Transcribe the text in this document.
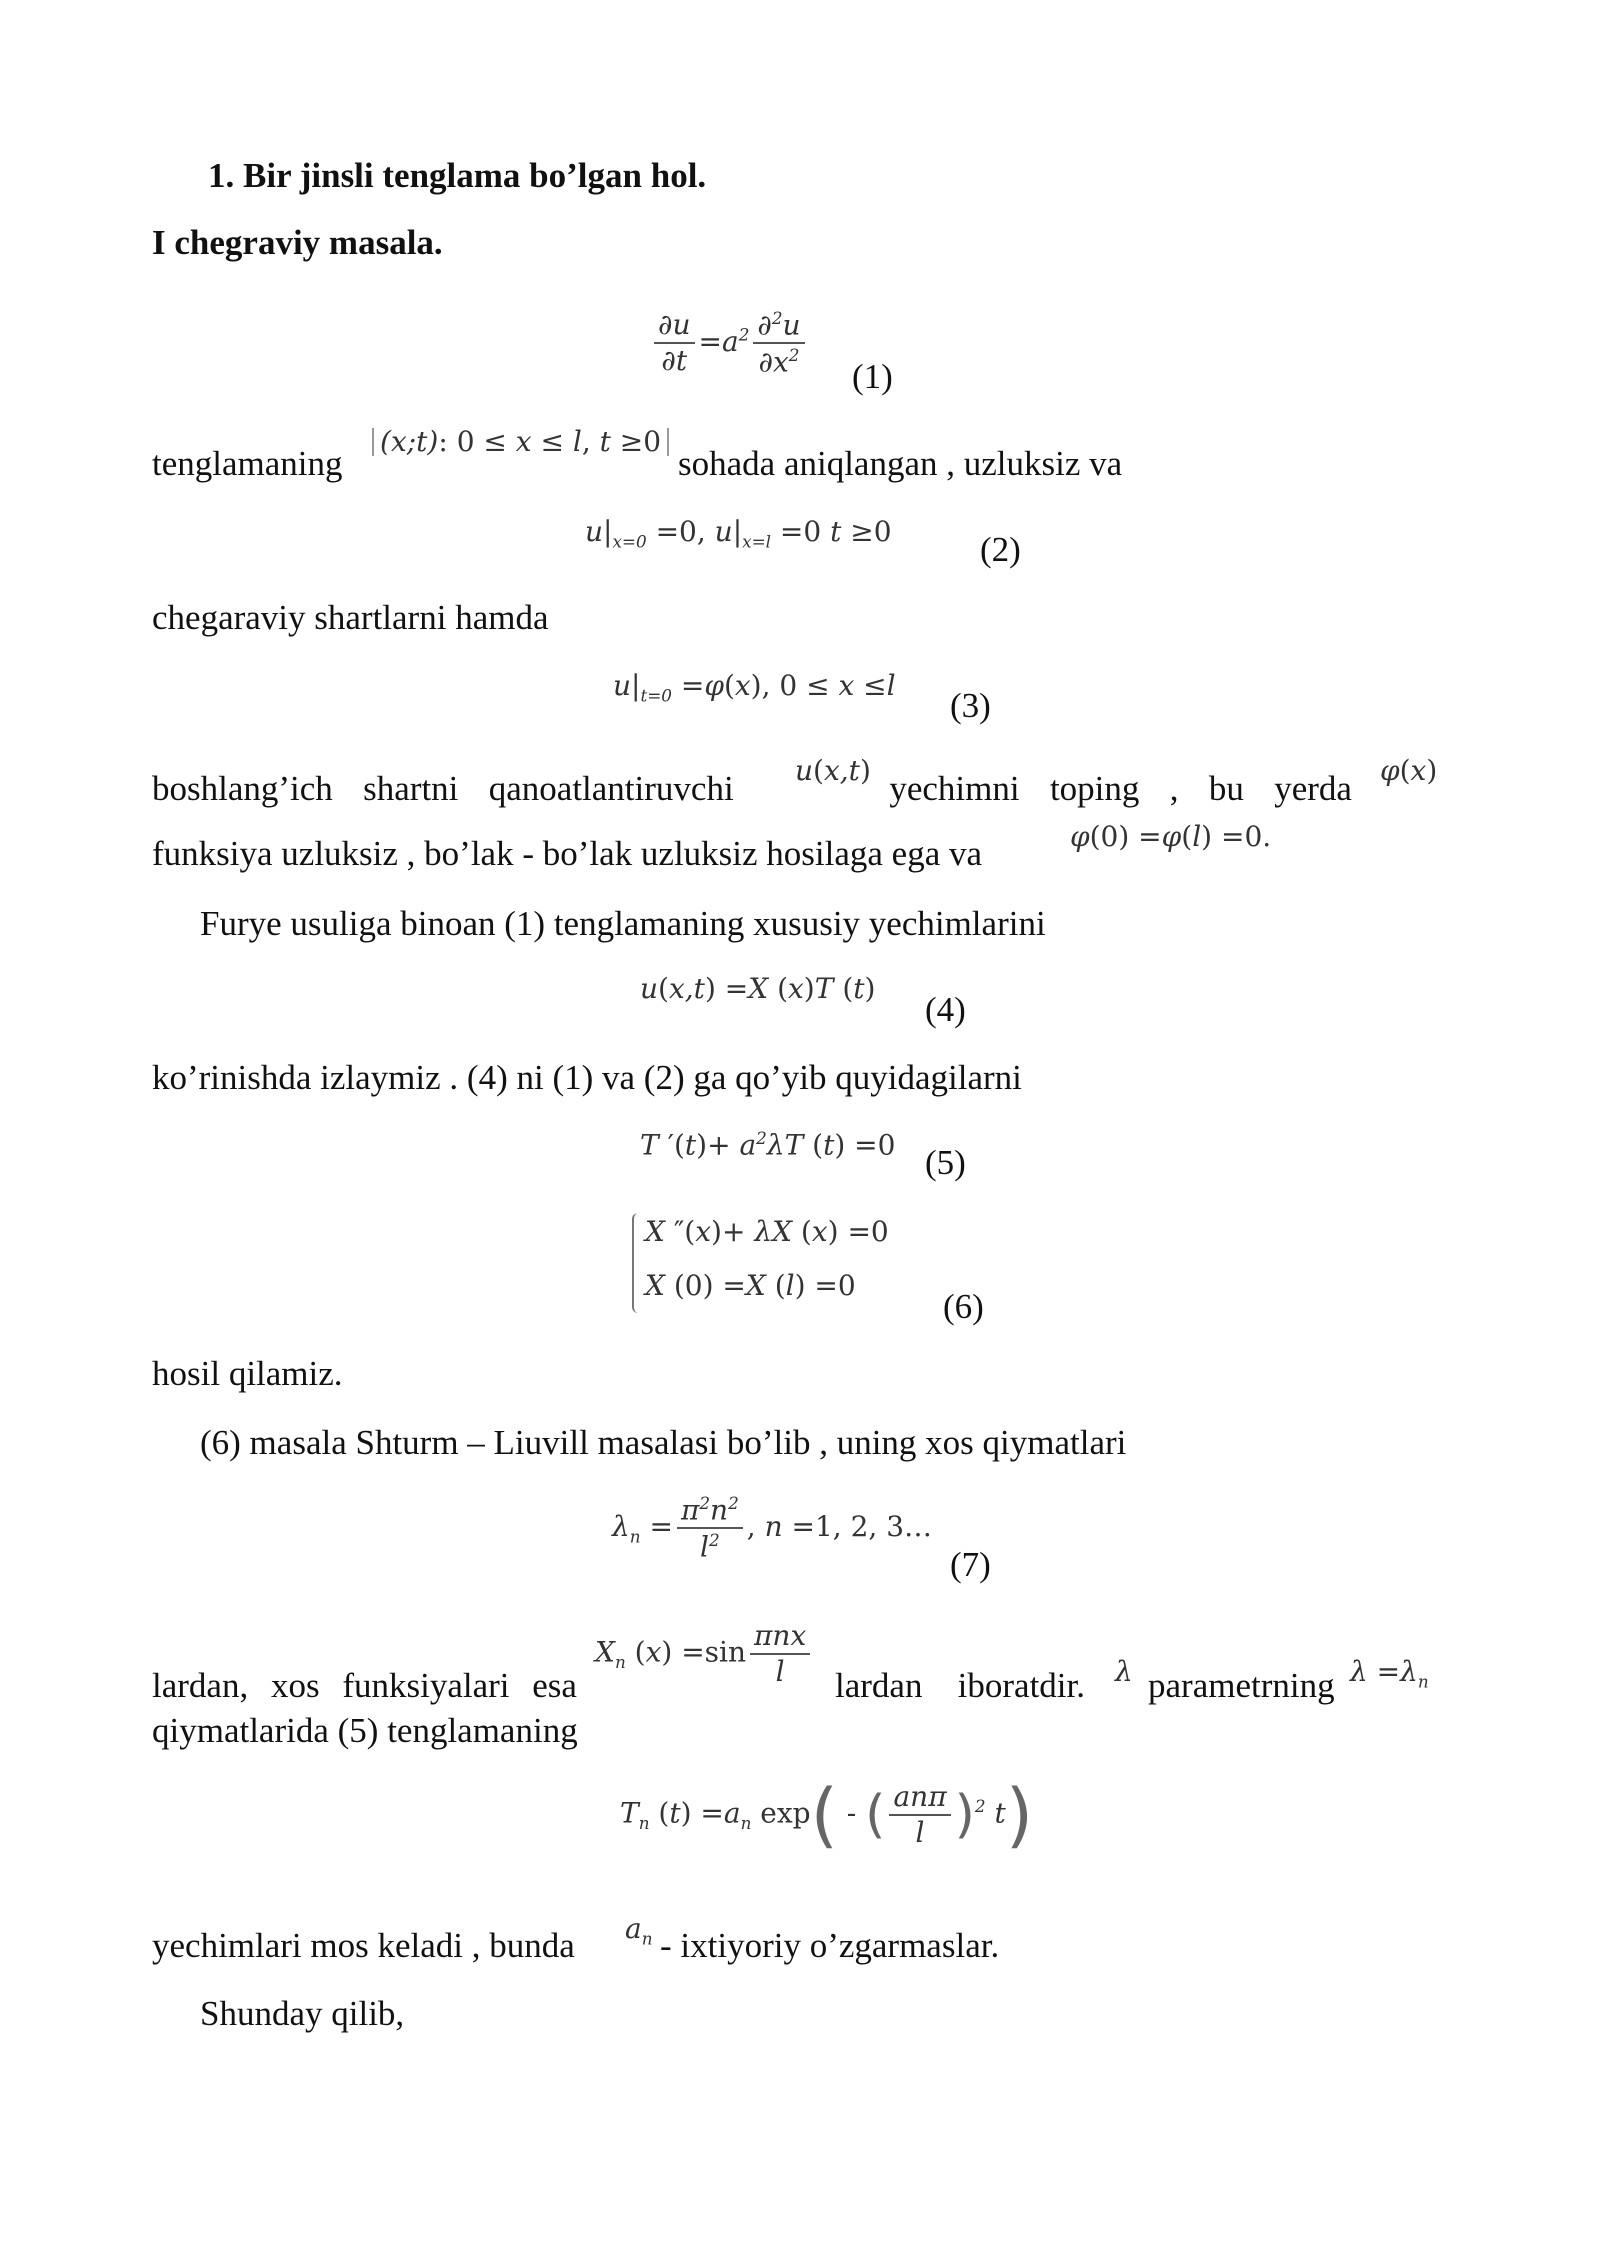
1. Bir jinsli tenglama bo’lgan hol.
I chegraviy masala.
$\frac{\partial u}{\partial t} =a^2 \frac{\partial^2u}{\partial x^2} (1)$
tenglamaning
(x;t): 0 ≤ x ≤ l, t ≥0
sohada aniqlangan , uzluksiz va
$u|_{x=0} =0$, $u|_{x=l} =0$ t ≥0	(2)
chegaraviy shartlarni hamda
$u|_{t=0} =\varphi(x)$, 0 ≤ x ≤l
(3)
boshlang’ich shartni qanoatlantiruvchi	yechimni toping , bu yerda
u(x,t)	φ(x)
funksiya uzluksiz , bo’lak - bo’lak uzluksiz hosilaga ega va	φ(0) =φ(l) =0.
Furye usuliga binoan (1) tenglamaning xususiy yechimlarini
u(x,t) =X (x)T (t)
(4)
ko’rinishda izlaymiz . (4) ni (1) va (2) ga qo’yib quyidagilarni
T $'(t)+ a^2\lambda T$ (t) =0 (5)
X ″(x)+ λX (x) =0
X (0) =X (l) =0
(6)
hosil qilamiz.
(6) masala Shturm – Liuvill masalasi bo’lib , uning xos qiymatlari
$\lambda_n = \frac{\pi^2n^2}{l^2}$ , n =1, 2, 3…
(7)
lardan, xos funksiyalari esa
$X_n$ $(x) =\sin \frac{\text{πnx}}{l}$ lardan iboratdir. λ parametrning $\lambda =\lambda_n$
qiymatlarida (5) tenglamaning
$T_n$ $(t) =a_n$ exp( - ( $\frac{\text{anπ}}{l} )^2$ t)
yechimlari mos keladi , bunda $a_n$ - ixtiyoriy o’zgarmaslar.
Shunday qilib,
